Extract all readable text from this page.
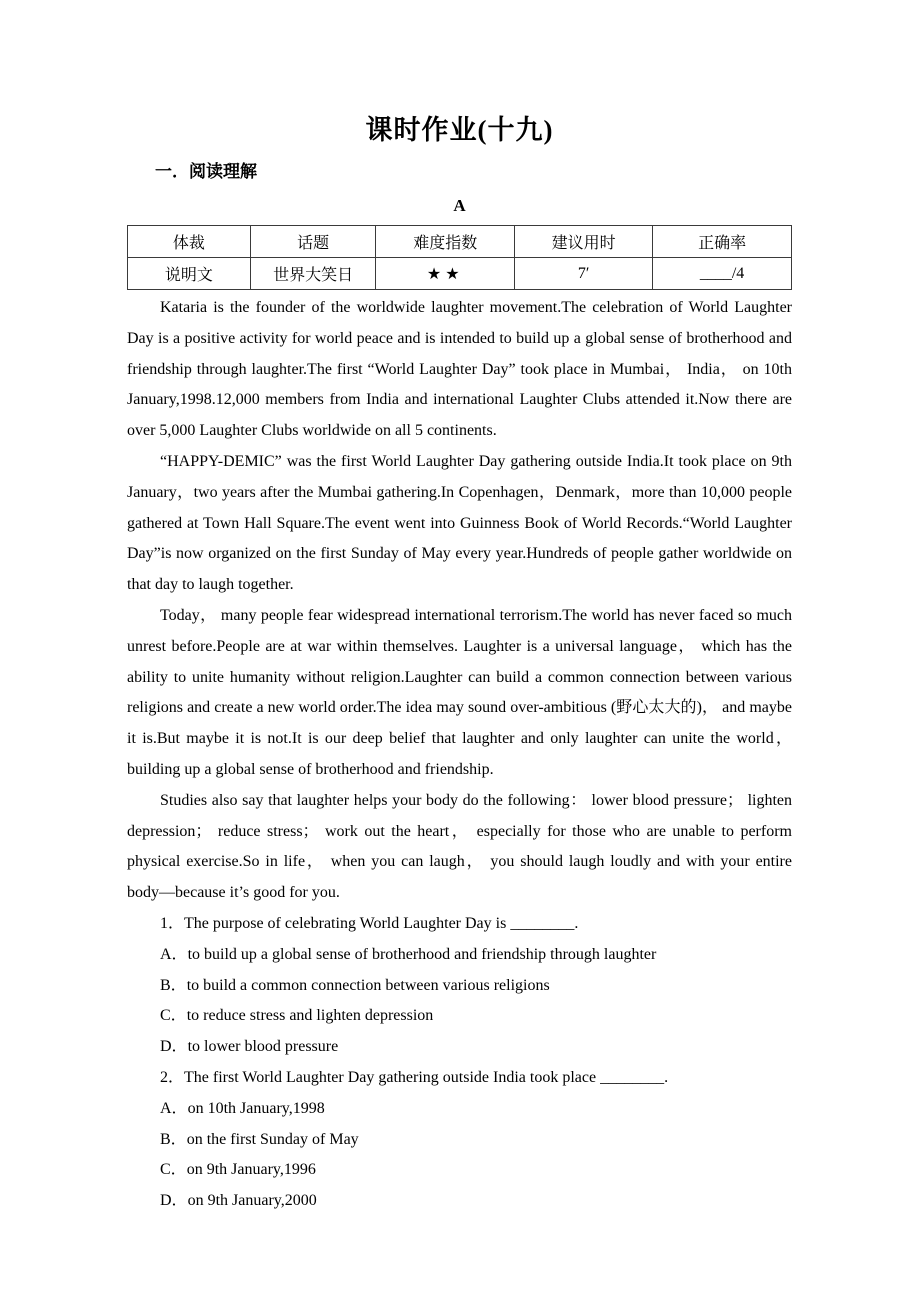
课时作业(十九)
一．阅读理解
A
体裁	话题	难度指数	建议用时	正确率
说明文	世界大笑日	★★	7′	____/4

Kataria is the founder of the worldwide laughter movement.The celebration of World Laughter Day is a positive activity for world peace and is intended to build up a global sense of brotherhood and friendship through laughter.The first “World Laughter Day” took place in Mumbai， India， on 10th January,1998.12,000 members from India and international Laughter Clubs attended it.Now there are over 5,000 Laughter Clubs worldwide on all 5 continents.

“HAPPY-DEMIC” was the first World Laughter Day gathering outside India.It took place on 9th January，two years after the Mumbai gathering.In Copenhagen，Denmark，more than 10,000 people gathered at Town Hall Square.The event went into Guinness Book of World Records.“World Laughter Day”is now organized on the first Sunday of May every year.Hundreds of people gather worldwide on that day to laugh together.

Today， many people fear widespread international terrorism.The world has never faced so much unrest before.People are at war within themselves. Laughter is a universal language， which has the ability to unite humanity without religion.Laughter can build a common connection between various religions and create a new world order.The idea may sound over-ambitious (野心太大的)， and maybe it is.But maybe it is not.It is our deep belief that laughter and only laughter can unite the world， building up a global sense of brotherhood and friendship.

Studies also say that laughter helps your body do the following： lower blood pressure； lighten depression； reduce stress； work out the heart， especially for those who are unable to perform physical exercise.So in life， when you can laugh， you should laugh loudly and with your entire body—because it’s good for you.

1．The purpose of celebrating World Laughter Day is ________.

A．to build up a global sense of brotherhood and friendship through laughter

B．to build a common connection between various religions

C．to reduce stress and lighten depression

D．to lower blood pressure

2．The first World Laughter Day gathering outside India took place ________.

A．on 10th January,1998

B．on the first Sunday of May

C．on 9th January,1996

D．on 9th January,2000
